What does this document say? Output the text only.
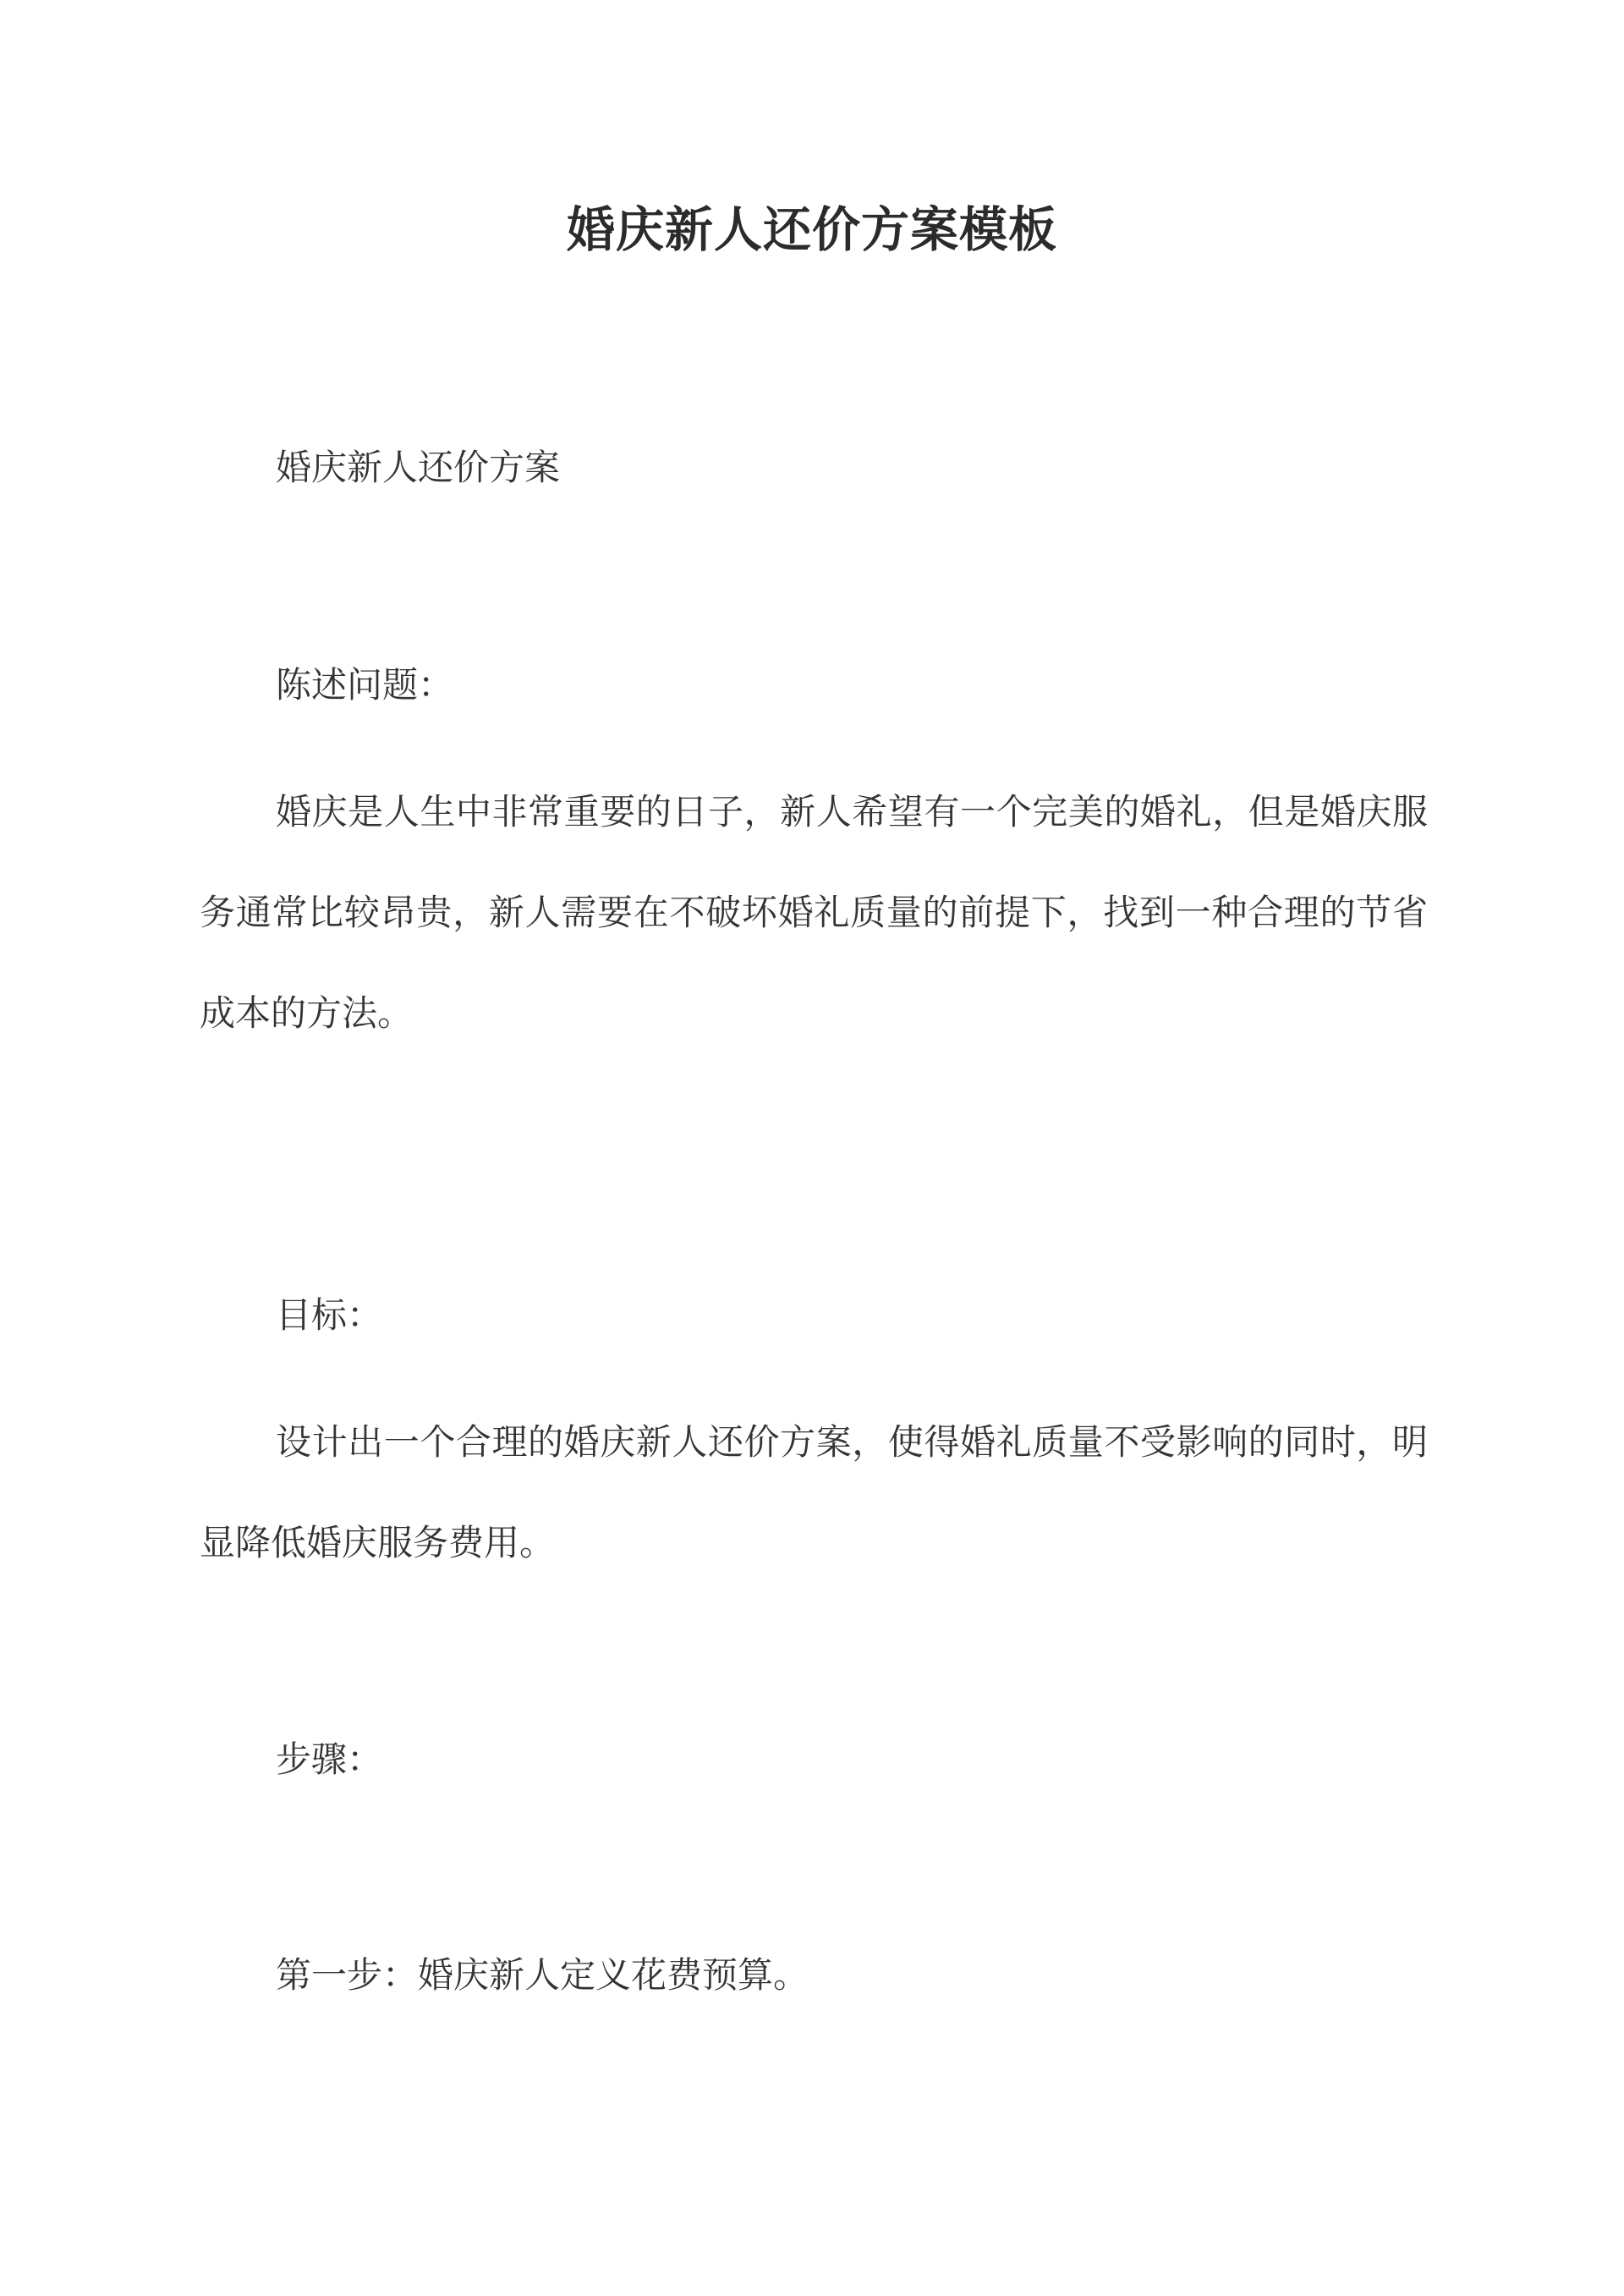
婚庆新人还价方案模板
婚庆新人还价方案
陈述问题：
婚庆是人生中非常重要的日子，新人希望有一个完美的婚礼，但是婚庆服务通常比较昂贵，新人需要在不破坏婚礼质量的前提下，找到一种合理的节省成本的方法。
目标：
设计出一个合理的婚庆新人还价方案，使得婚礼质量不受影响的同时，明显降低婚庆服务费用。
步骤：
第一步：婚庆新人定义花费预算。
